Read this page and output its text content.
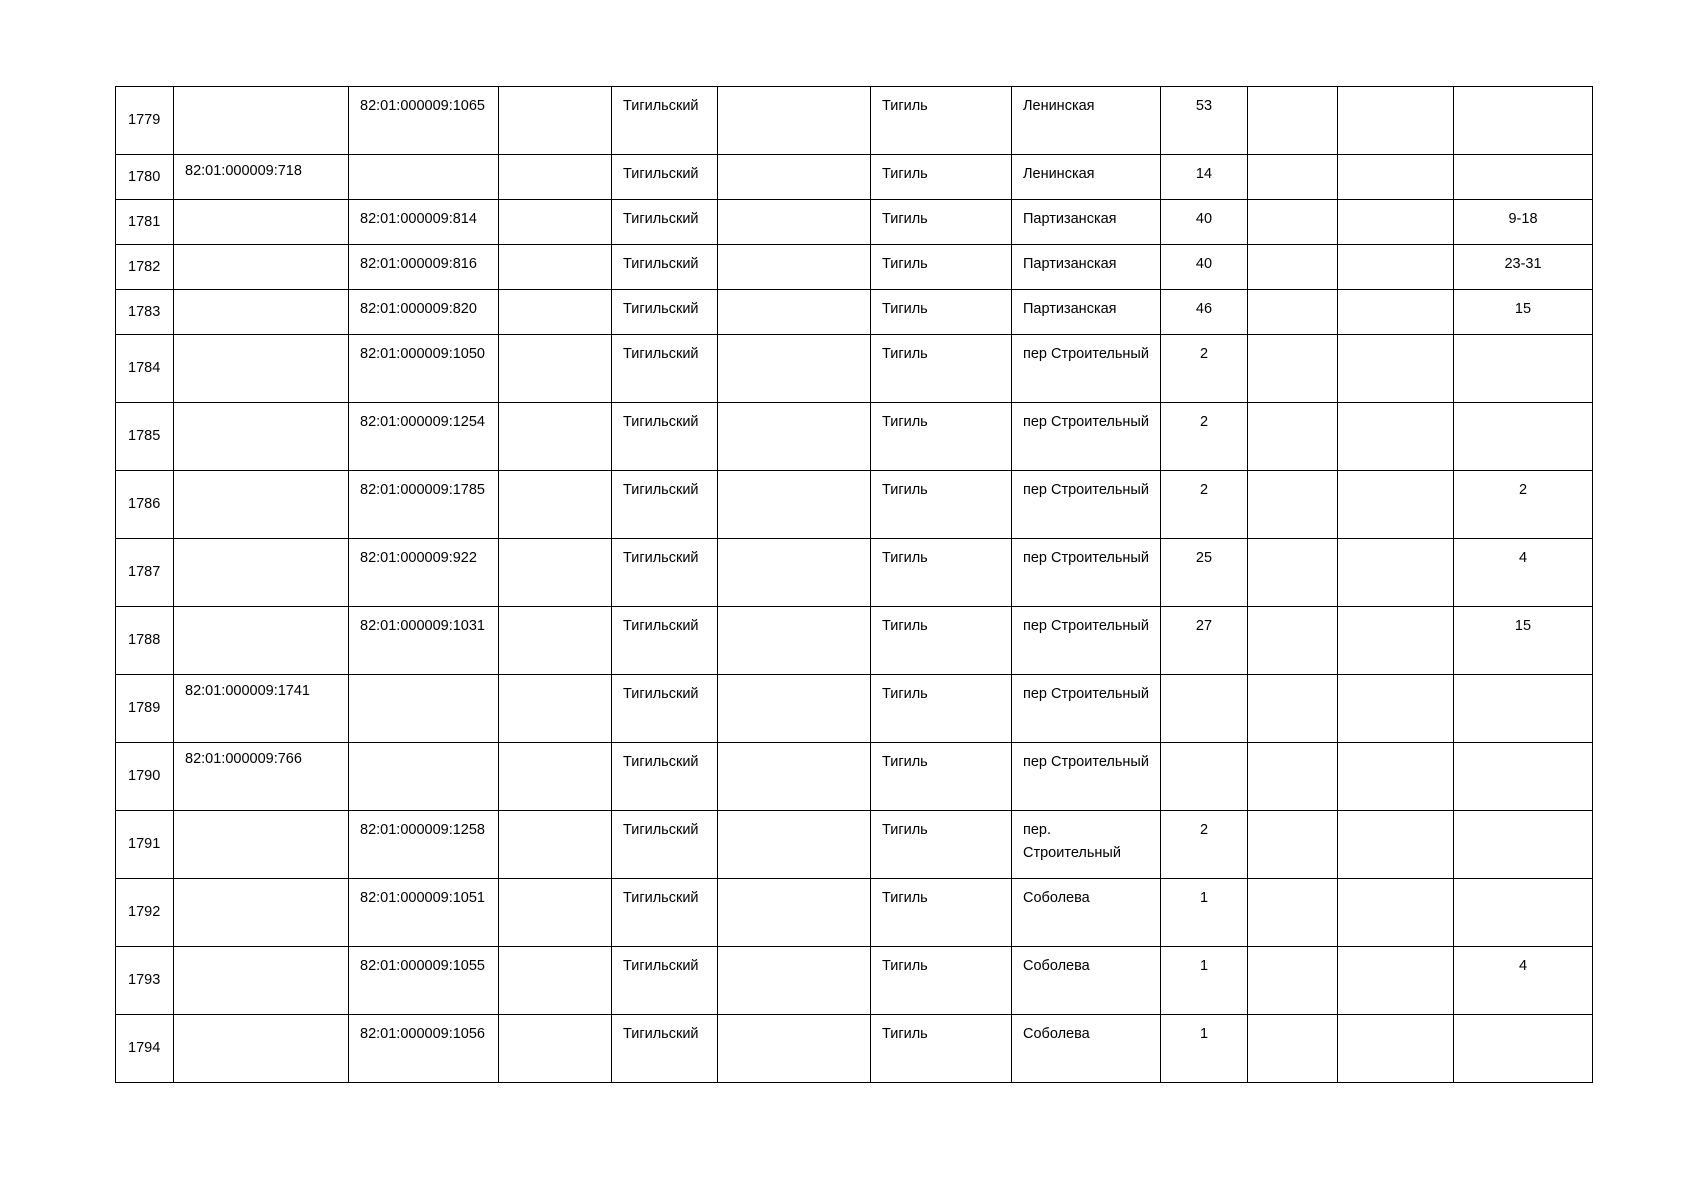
1779		82:01:000009:1065		Тигильский		Тигиль	Ленинская	53			
1780	82:01:000009:718			Тигильский		Тигиль	Ленинская	14			
1781		82:01:000009:814		Тигильский		Тигиль	Партизанская	40			9-18
1782		82:01:000009:816		Тигильский		Тигиль	Партизанская	40			23-31
1783		82:01:000009:820		Тигильский		Тигиль	Партизанская	46			15
1784		82:01:000009:1050		Тигильский		Тигиль	пер Строительный	2			
1785		82:01:000009:1254		Тигильский		Тигиль	пер Строительный	2			
1786		82:01:000009:1785		Тигильский		Тигиль	пер Строительный	2			2
1787		82:01:000009:922		Тигильский		Тигиль	пер Строительный	25			4
1788		82:01:000009:1031		Тигильский		Тигиль	пер Строительный	27			15
1789	82:01:000009:1741			Тигильский		Тигиль	пер Строительный				
1790	82:01:000009:766			Тигильский		Тигиль	пер Строительный				
1791		82:01:000009:1258		Тигильский		Тигиль	пер. Строительный	2			
1792		82:01:000009:1051		Тигильский		Тигиль	Соболева	1			
1793		82:01:000009:1055		Тигильский		Тигиль	Соболева	1			4
1794		82:01:000009:1056		Тигильский		Тигиль	Соболева	1			
